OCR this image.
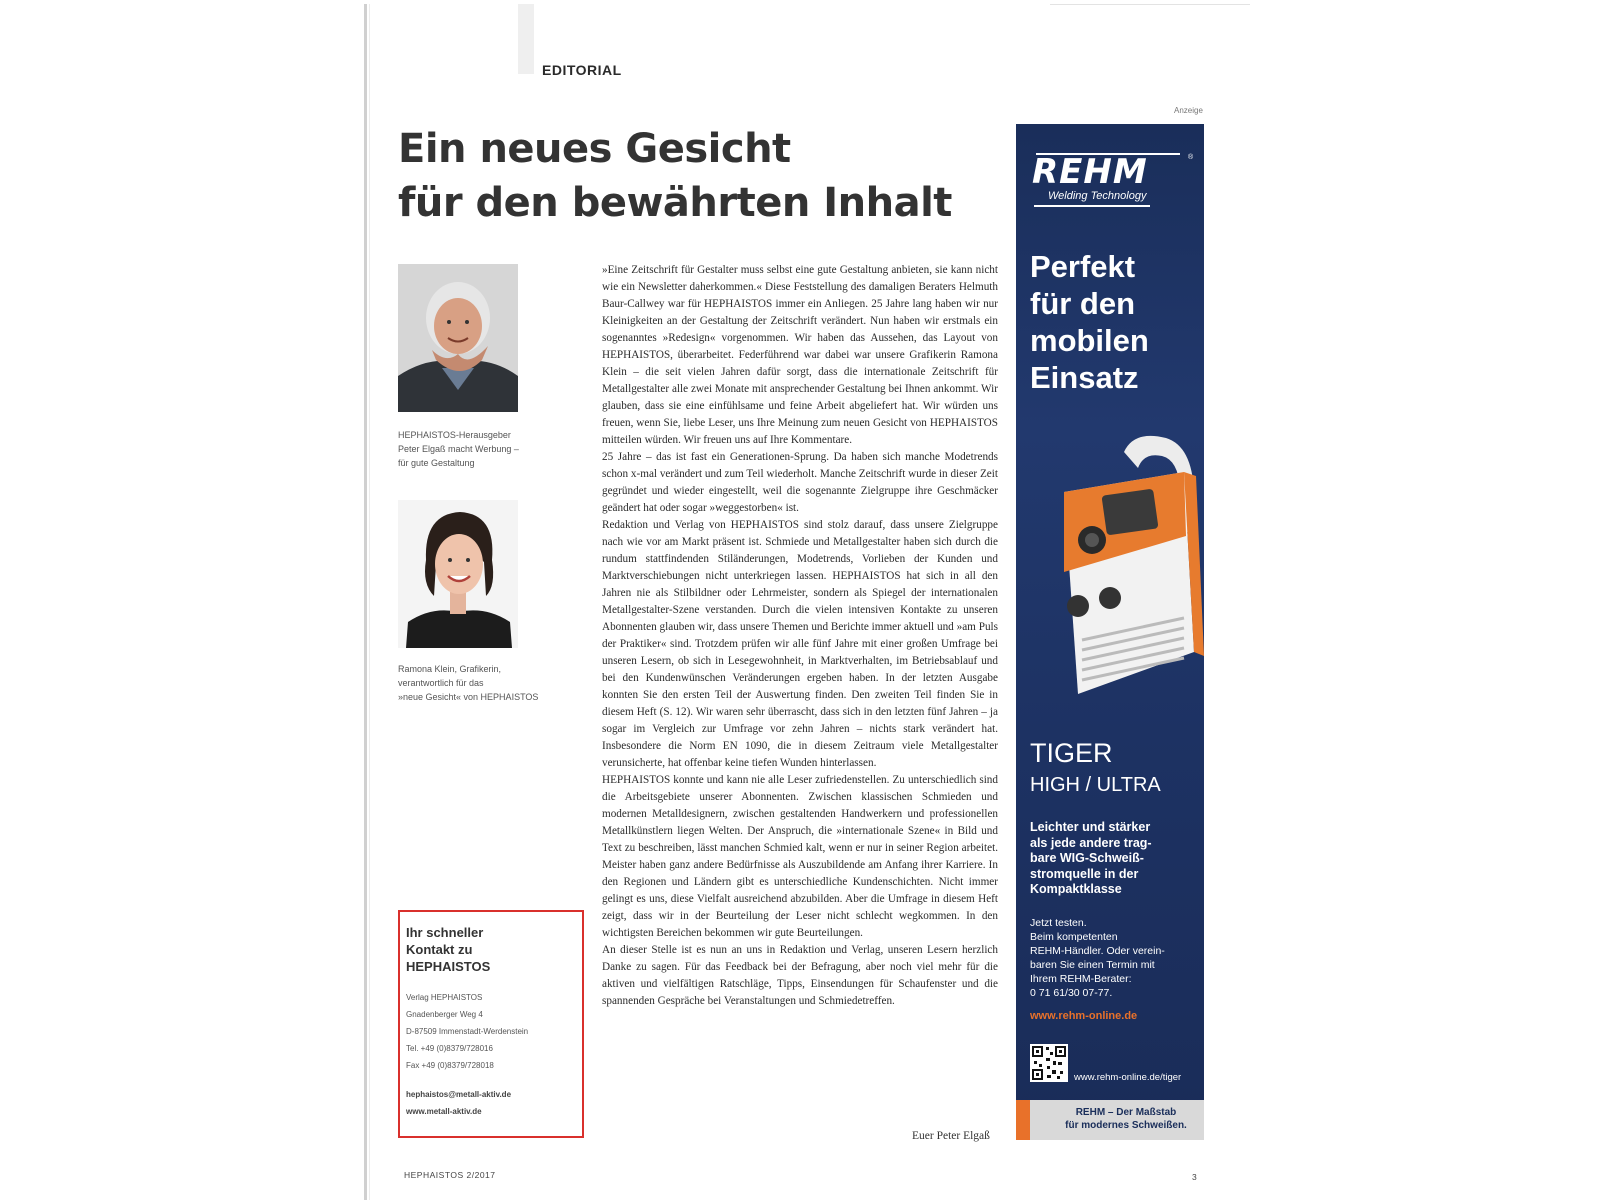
EDITORIAL
Ein neues Gesicht
für den bewährten Inhalt
HEPHAISTOS-Herausgeber
Peter Elgaß macht Werbung –
für gute Gestaltung
Ramona Klein, Grafikerin,
verantwortlich für das
»neue Gesicht« von HEPHAISTOS
Ihr schneller
Kontakt zu
HEPHAISTOS
Verlag HEPHAISTOS
Gnadenberger Weg 4
D-87509 Immenstadt-Werdenstein
Tel. +49 (0)8379/728016
Fax +49 (0)8379/728018
hephaistos@metall-aktiv.de
www.metall-aktiv.de

»Eine Zeitschrift für Gestalter muss selbst eine gute Gestaltung anbieten, sie kann nicht wie ein Newsletter daherkommen.« Diese Feststellung des damaligen Beraters Helmuth Baur-Callwey war für HEPHAISTOS immer ein Anliegen. 25 Jahre lang haben wir nur Kleinigkeiten an der Gestaltung der Zeitschrift verändert. Nun haben wir erstmals ein sogenanntes »Redesign« vorgenommen. Wir haben das Aussehen, das Layout von HEPHAISTOS, überarbeitet. Federführend war dabei war unsere Grafikerin Ramona Klein – die seit vielen Jahren dafür sorgt, dass die internationale Zeitschrift für Metallgestalter alle zwei Monate mit ansprechender Gestaltung bei Ihnen ankommt. Wir glauben, dass sie eine einfühlsame und feine Arbeit abgeliefert hat. Wir würden uns freuen, wenn Sie, liebe Leser, uns Ihre Meinung zum neuen Gesicht von HEPHAISTOS mitteilen würden. Wir freuen uns auf Ihre Kommentare.

25 Jahre – das ist fast ein Generationen-Sprung. Da haben sich manche Modetrends schon x-mal verändert und zum Teil wiederholt. Manche Zeitschrift wurde in dieser Zeit gegründet und wieder eingestellt, weil die sogenannte Zielgruppe ihre Geschmäcker geändert hat oder sogar »weggestorben« ist.

Redaktion und Verlag von HEPHAISTOS sind stolz darauf, dass unsere Zielgruppe nach wie vor am Markt präsent ist. Schmiede und Metallgestalter haben sich durch die rundum stattfindenden Stiländerungen, Modetrends, Vorlieben der Kunden und Marktverschiebungen nicht unterkriegen lassen. HEPHAISTOS hat sich in all den Jahren nie als Stilbildner oder Lehrmeister, sondern als Spiegel der internationalen Metallgestalter-Szene verstanden. Durch die vielen intensiven Kontakte zu unseren Abonnenten glauben wir, dass unsere Themen und Berichte immer aktuell und »am Puls der Praktiker« sind. Trotzdem prüfen wir alle fünf Jahre mit einer großen Umfrage bei unseren Lesern, ob sich in Lesegewohnheit, in Marktverhalten, im Betriebsablauf und bei den Kundenwünschen Veränderungen ergeben haben. In der letzten Ausgabe konnten Sie den ersten Teil der Auswertung finden. Den zweiten Teil finden Sie in diesem Heft (S. 12). Wir waren sehr überrascht, dass sich in den letzten fünf Jahren – ja sogar im Vergleich zur Umfrage vor zehn Jahren – nichts stark verändert hat. Insbesondere die Norm EN 1090, die in diesem Zeitraum viele Metallgestalter verunsicherte, hat offenbar keine tiefen Wunden hinterlassen.

HEPHAISTOS konnte und kann nie alle Leser zufriedenstellen. Zu unterschiedlich sind die Arbeitsgebiete unserer Abonnenten. Zwischen klassischen Schmieden und modernen Metalldesignern, zwischen gestaltenden Handwerkern und professionellen Metallkünstlern liegen Welten. Der Anspruch, die »internationale Szene« in Bild und Text zu beschreiben, lässt manchen Schmied kalt, wenn er nur in seiner Region arbeitet. Meister haben ganz andere Bedürfnisse als Auszubildende am Anfang ihrer Karriere. In den Regionen und Ländern gibt es unterschiedliche Kundenschichten. Nicht immer gelingt es uns, diese Vielfalt ausreichend abzubilden. Aber die Umfrage in diesem Heft zeigt, dass wir in der Beurteilung der Leser nicht schlecht wegkommen. In den wichtigsten Bereichen bekommen wir gute Beurteilungen.

An dieser Stelle ist es nun an uns in Redaktion und Verlag, unseren Lesern herzlich Danke zu sagen. Für das Feedback bei der Befragung, aber noch viel mehr für die aktiven und vielfältigen Ratschläge, Tipps, Einsendungen für Schaufenster und die spannenden Gespräche bei Veranstaltungen und Schmiedetreffen.

Euer Peter Elgaß
HEPHAISTOS 2/2017	3
Anzeige
REHM
Welding Technology
®
Perfekt
für den
mobilen
Einsatz
TIGER
HIGH / ULTRA
Leichter und stärker
als jede andere trag-
bare WIG-Schweiß-
stromquelle in der
Kompaktklasse
Jetzt testen.
Beim kompetenten
REHM-Händler. Oder verein-
baren Sie einen Termin mit
Ihrem REHM-Berater:
0 71 61/30 07-77.
www.rehm-online.de
www.rehm-online.de/tiger
REHM – Der Maßstab
für modernes Schweißen.
